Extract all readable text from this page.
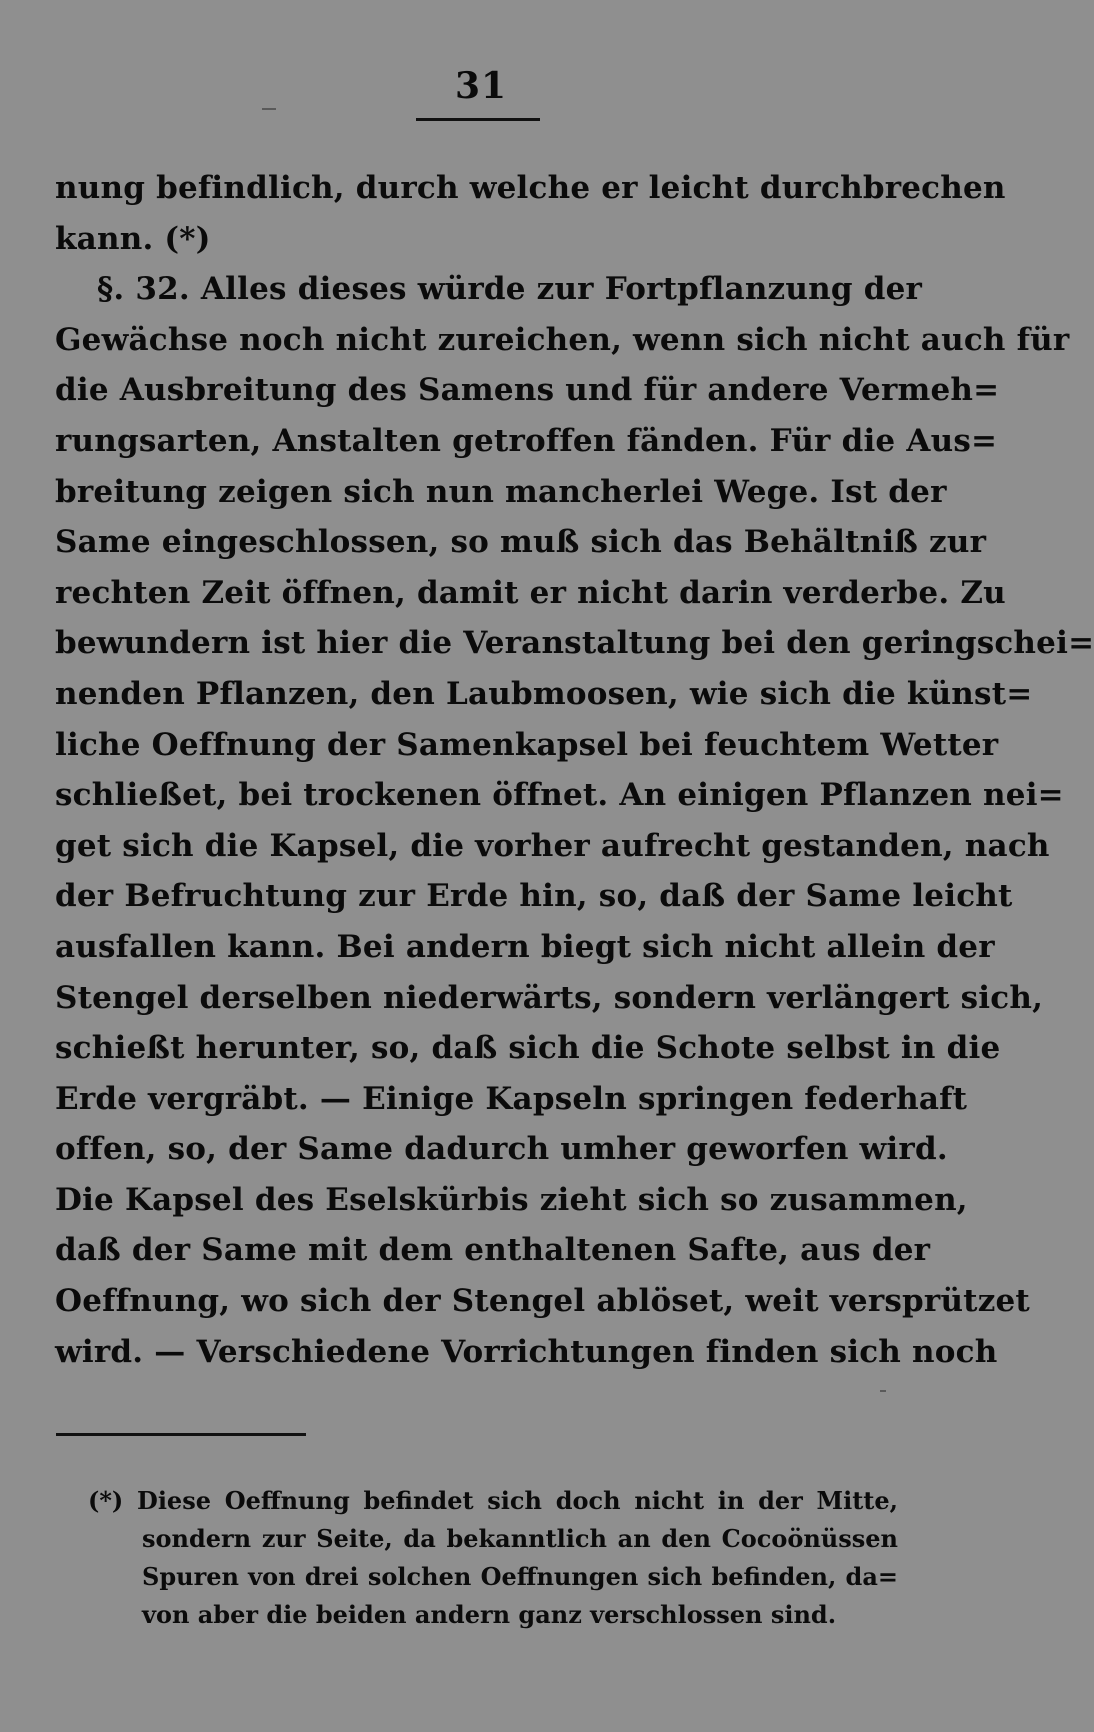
31
nung befindlich, durch welche er leicht durchbrechen
kann. (*)
§. 32. Alles dieses würde zur Fortpflanzung der
Gewächse noch nicht zureichen, wenn sich nicht auch für
die Ausbreitung des Samens und für andere Vermeh=
rungsarten, Anstalten getroffen fänden. Für die Aus=
breitung zeigen sich nun mancherlei Wege. Ist der
Same eingeschlossen, so muß sich das Behältniß zur
rechten Zeit öffnen, damit er nicht darin verderbe. Zu
bewundern ist hier die Veranstaltung bei den geringschei=
nenden Pflanzen, den Laubmoosen, wie sich die künst=
liche Oeffnung der Samenkapsel bei feuchtem Wetter
schließet, bei trockenen öffnet. An einigen Pflanzen nei=
get sich die Kapsel, die vorher aufrecht gestanden, nach
der Befruchtung zur Erde hin, so, daß der Same leicht
ausfallen kann. Bei andern biegt sich nicht allein der
Stengel derselben niederwärts, sondern verlängert sich,
schießt herunter, so, daß sich die Schote selbst in die
Erde vergräbt. — Einige Kapseln springen federhaft
offen, so, der Same dadurch umher geworfen wird.
Die Kapsel des Eselskürbis zieht sich so zusammen,
daß der Same mit dem enthaltenen Safte, aus der
Oeffnung, wo sich der Stengel ablöset, weit versprützet
wird. — Verschiedene Vorrichtungen finden sich noch
(*) Diese Oeffnung befindet sich doch nicht in der Mitte,
sondern zur Seite, da bekanntlich an den Cocoönüssen
Spuren von drei solchen Oeffnungen sich befinden, da=
von aber die beiden andern ganz verschlossen sind.
